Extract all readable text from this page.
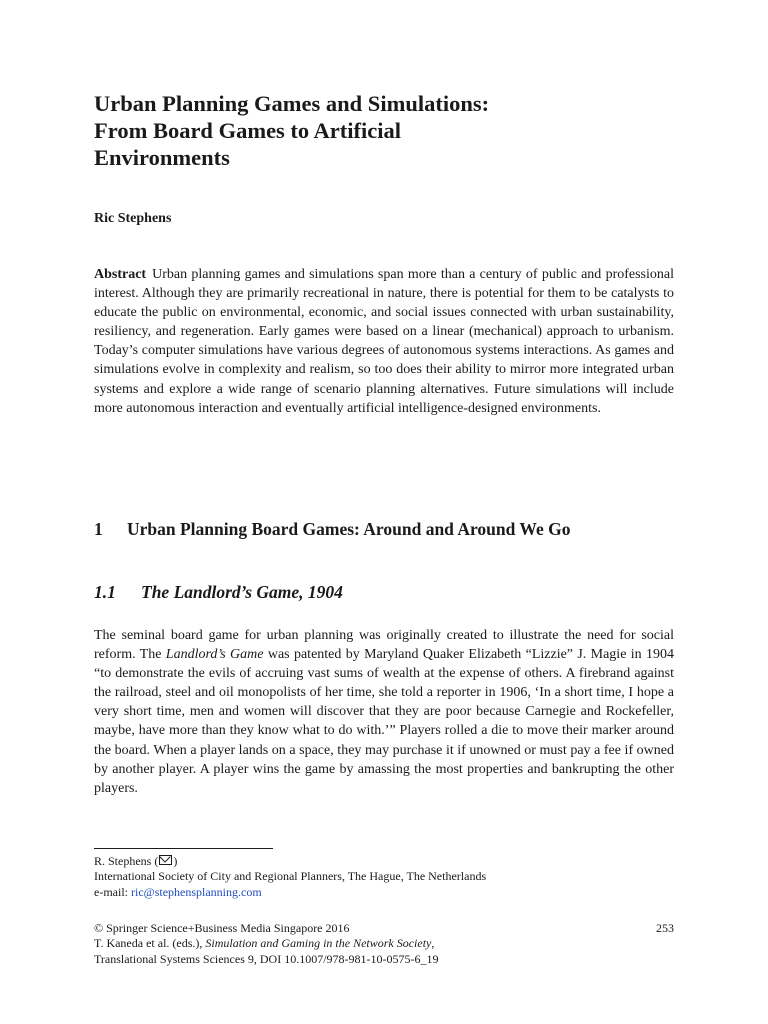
Urban Planning Games and Simulations:
From Board Games to Artificial
Environments
Ric Stephens
Abstract Urban planning games and simulations span more than a century of public and professional interest. Although they are primarily recreational in nature, there is potential for them to be catalysts to educate the public on environmental, economic, and social issues connected with urban sustainability, resiliency, and regeneration. Early games were based on a linear (mechanical) approach to urbanism. Today’s computer simulations have various degrees of autonomous systems interactions. As games and simulations evolve in complexity and realism, so too does their ability to mirror more integrated urban systems and explore a wide range of scenario planning alternatives. Future simulations will include more autonomous interaction and eventually artificial intelligence-designed environments.
1 Urban Planning Board Games: Around and Around We Go
1.1 The Landlord’s Game, 1904

The seminal board game for urban planning was originally created to illustrate the need for social reform. The Landlord’s Game was patented by Maryland Quaker Elizabeth “Lizzie” J. Magie in 1904 “to demonstrate the evils of accruing vast sums of wealth at the expense of others. A firebrand against the railroad, steel and oil monopolists of her time, she told a reporter in 1906, ‘In a short time, I hope a very short time, men and women will discover that they are poor because Carnegie and Rockefeller, maybe, have more than they know what to do with.’” Players rolled a die to move their marker around the board. When a player lands on a space, they may purchase it if unowned or must pay a fee if owned by another player. A player wins the game by amassing the most properties and bankrupting the other players.

R. Stephens ( )
International Society of City and Regional Planners, The Hague, The Netherlands
e-mail: ric@stephensplanning.com
© Springer Science+Business Media Singapore 2016	253
T. Kaneda et al. (eds.), Simulation and Gaming in the Network Society,
Translational Systems Sciences 9, DOI 10.1007/978-981-10-0575-6_19
